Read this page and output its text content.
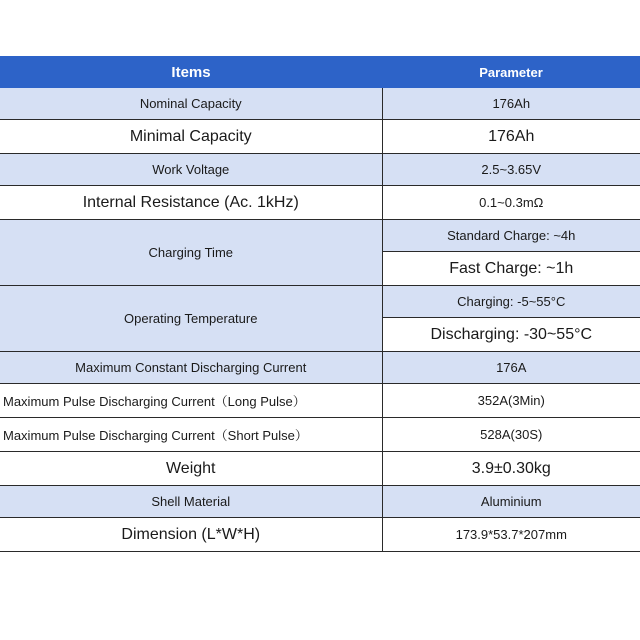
Items	Parameter
Nominal Capacity	176Ah
Minimal Capacity	176Ah
Work Voltage	2.5~3.65V
Internal Resistance (Ac. 1kHz)	0.1~0.3mΩ
Charging Time	Standard Charge: ~4h
	Fast Charge: ~1h
Operating Temperature	Charging: -5~55°C
	Discharging: -30~55°C
Maximum Constant Discharging Current	176A
Maximum Pulse Discharging Current（Long Pulse）	352A(3Min)
Maximum Pulse Discharging Current（Short Pulse）	528A(30S)
Weight	3.9±0.30kg
Shell Material	Aluminium
Dimension (L*W*H)	173.9*53.7*207mm
